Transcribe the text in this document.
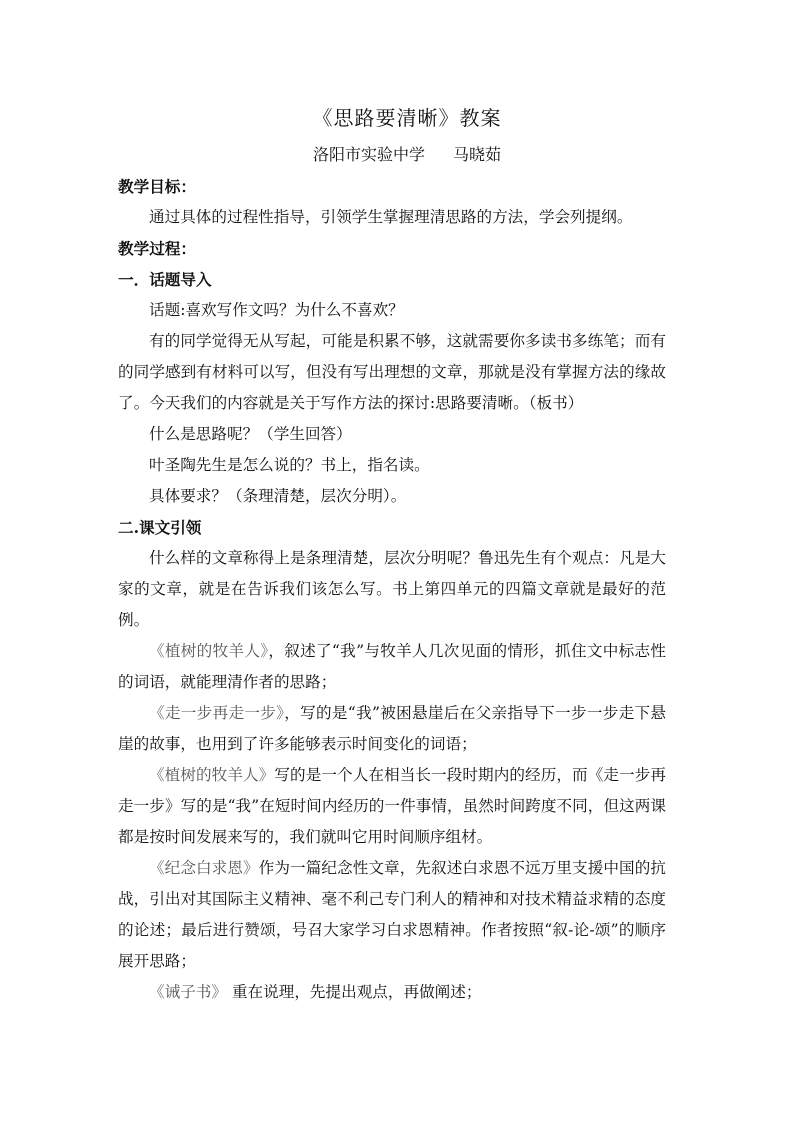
《思路要清晰》教案
洛阳市实验中学 马晓茹

教学目标：

通过具体的过程性指导，引领学生掌握理清思路的方法，学会列提纲。

教学过程：

一．话题导入

话题:喜欢写作文吗？为什么不喜欢？

有的同学觉得无从写起，可能是积累不够，这就需要你多读书多练笔；而有的同学感到有材料可以写，但没有写出理想的文章，那就是没有掌握方法的缘故了。今天我们的内容就是关于写作方法的探讨:思路要清晰。（板书）

什么是思路呢？（学生回答）

叶圣陶先生是怎么说的？书上，指名读。

具体要求？（条理清楚，层次分明）。

二.课文引领

什么样的文章称得上是条理清楚，层次分明呢？鲁迅先生有个观点：凡是大家的文章，就是在告诉我们该怎么写。书上第四单元的四篇文章就是最好的范例。

《植树的牧羊人》，叙述了“我”与牧羊人几次见面的情形，抓住文中标志性的词语，就能理清作者的思路；

《走一步再走一步》，写的是“我”被困悬崖后在父亲指导下一步一步走下悬崖的故事，也用到了许多能够表示时间变化的词语；

《植树的牧羊人》写的是一个人在相当长一段时期内的经历，而《走一步再走一步》写的是“我”在短时间内经历的一件事情，虽然时间跨度不同，但这两课都是按时间发展来写的，我们就叫它用时间顺序组材。

《纪念白求恩》作为一篇纪念性文章，先叙述白求恩不远万里支援中国的抗战，引出对其国际主义精神、毫不利己专门利人的精神和对技术精益求精的态度的论述；最后进行赞颂，号召大家学习白求恩精神。作者按照“叙-论-颂”的顺序展开思路；

《诫子书》 重在说理，先提出观点，再做阐述；
